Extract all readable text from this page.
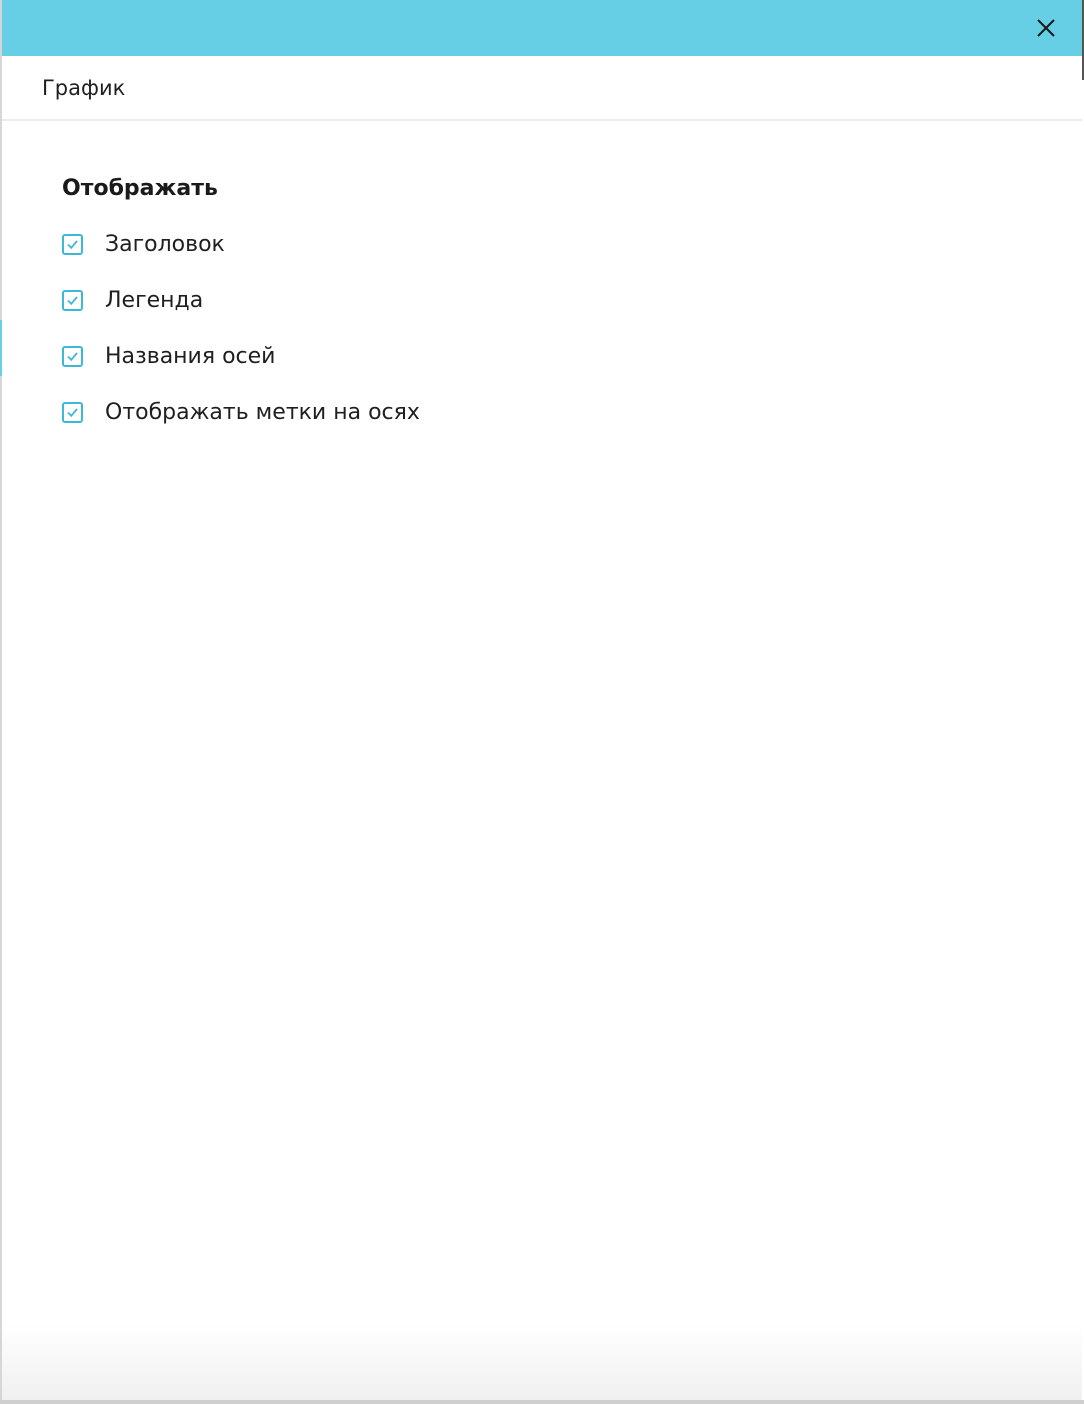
График
Отображать
Заголовок
Легенда
Названия осей
Отображать метки на осях
